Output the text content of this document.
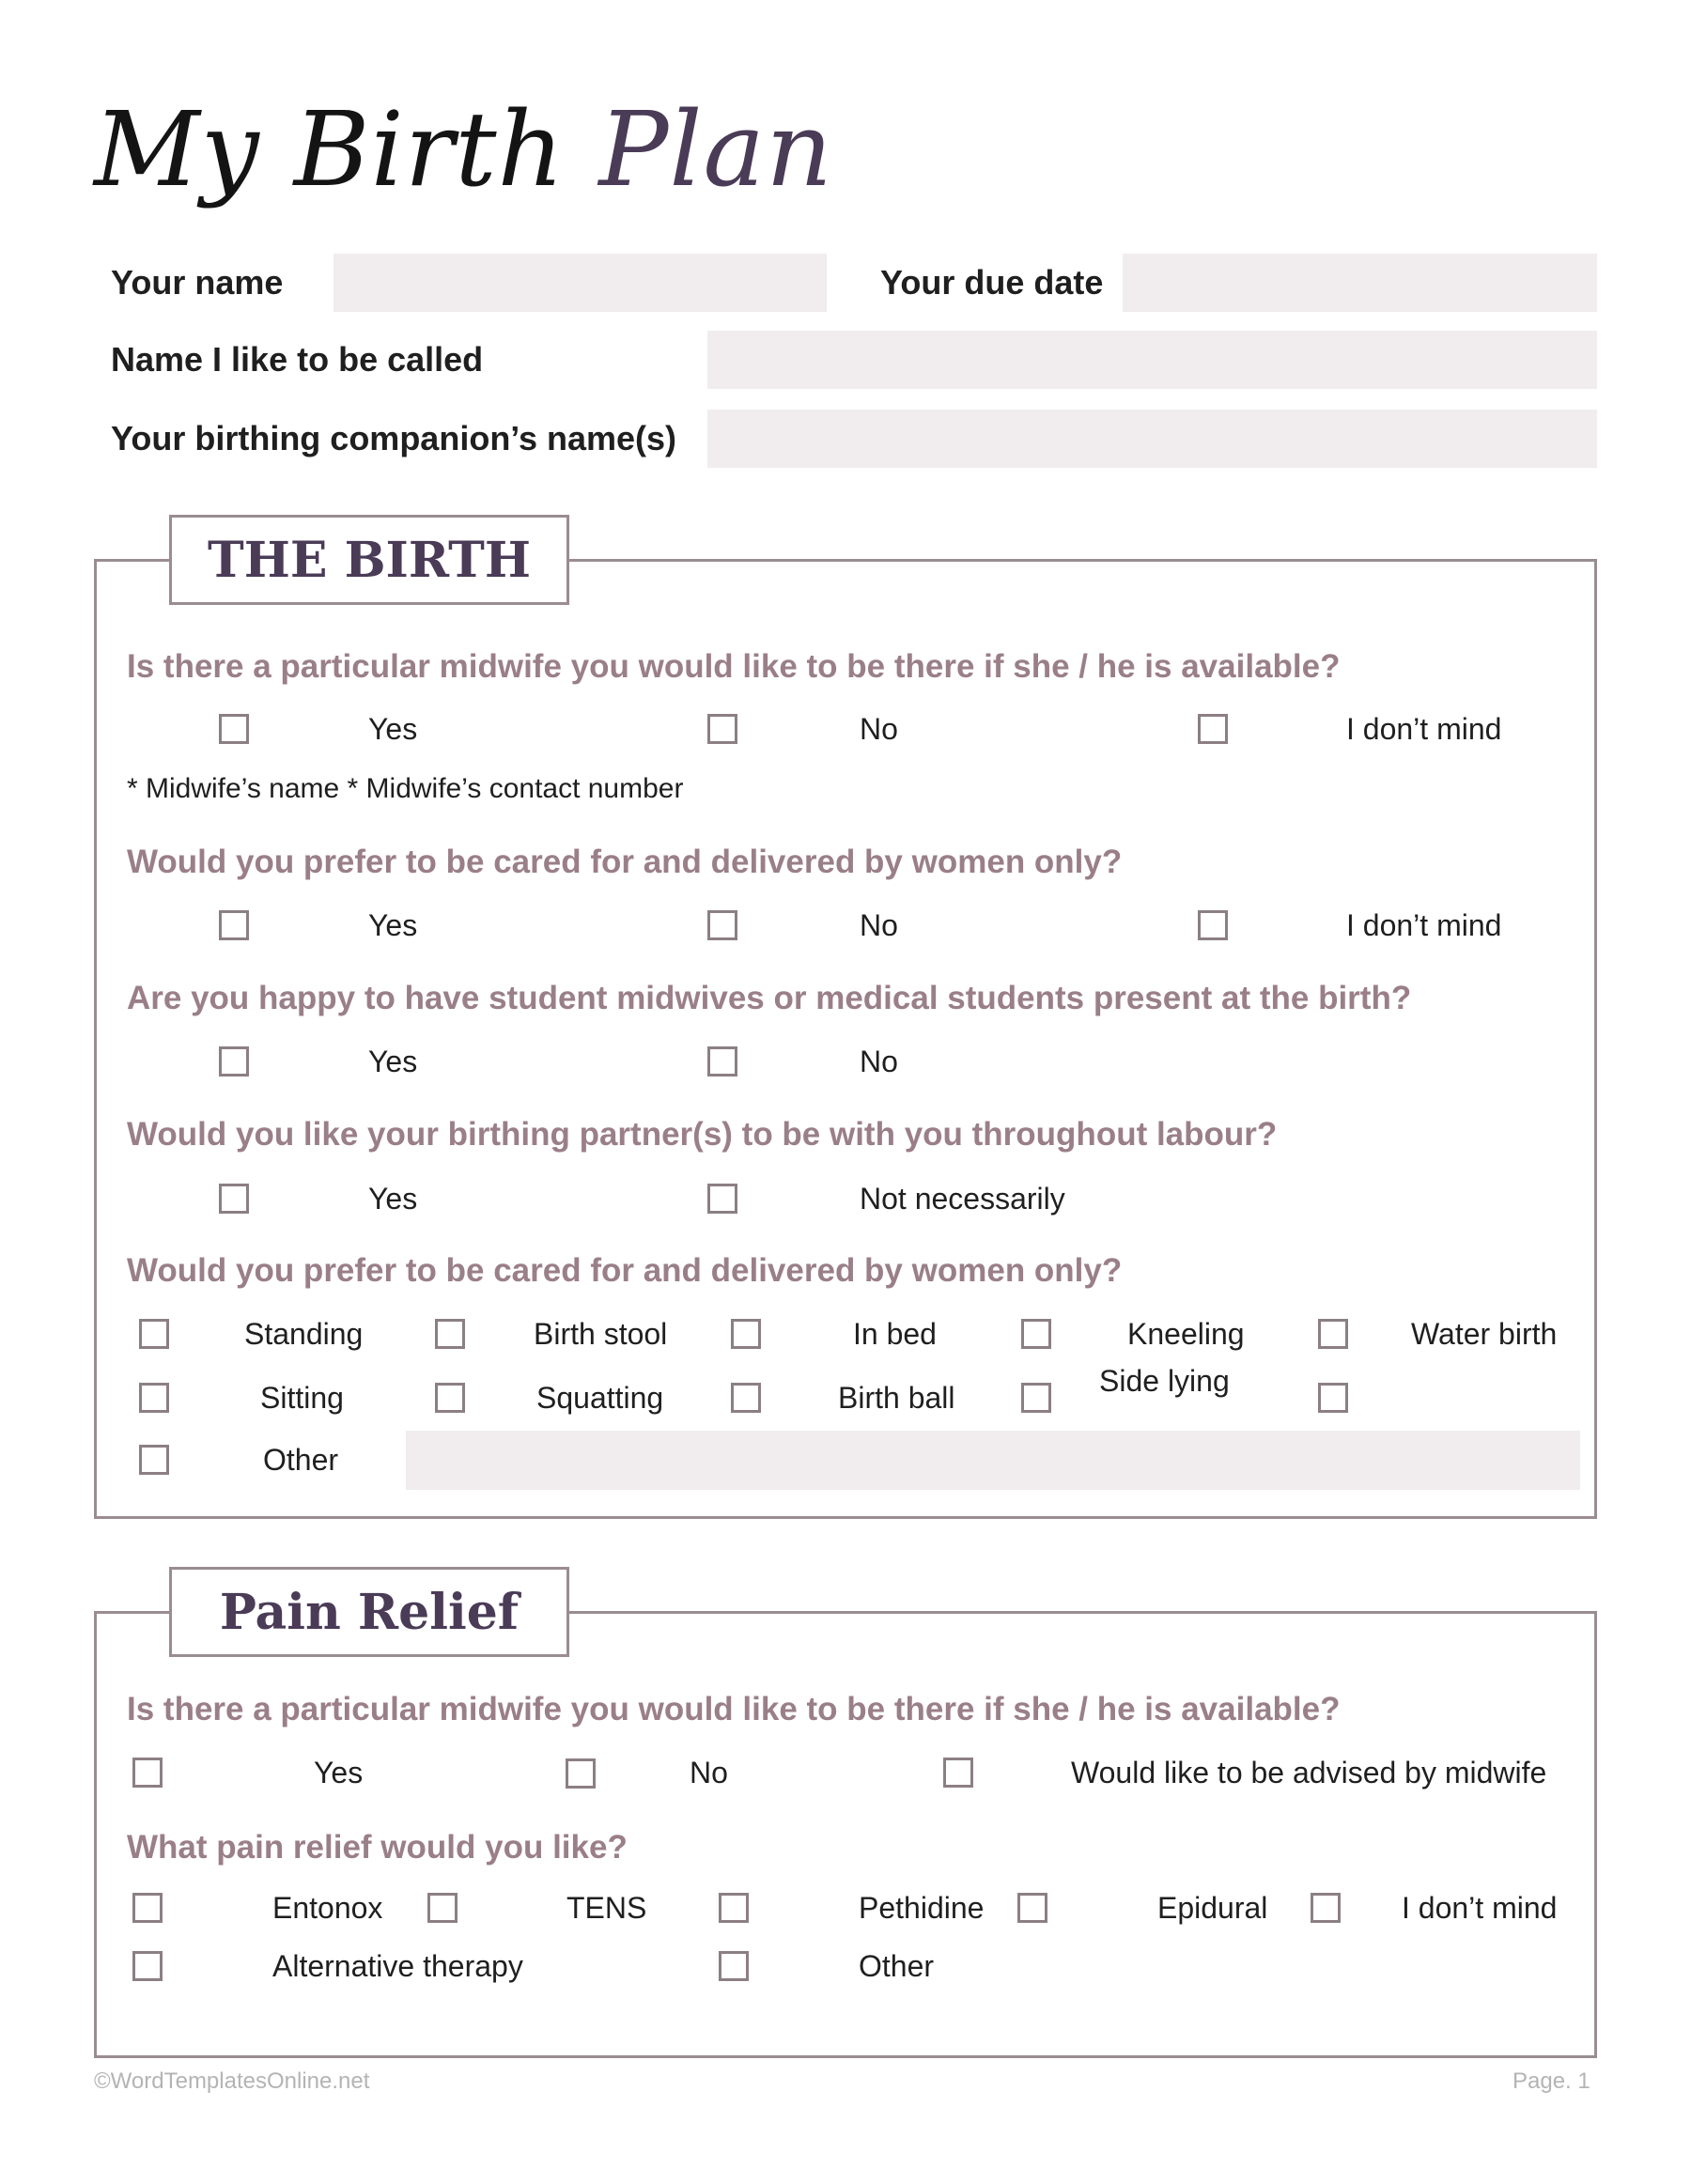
My Birth Plan
Your name	Your due date
Name I like to be called
Your birthing companion’s name(s)
THE BIRTH
Is there a particular midwife you would like to be there if she / he is available?
Yes	No	I don’t mind
* Midwife’s name * Midwife’s contact number
Would you prefer to be cared for and delivered by women only?
Yes	No	I don’t mind
Are you happy to have student midwives or medical students present at the birth?
Yes	No
Would you like your birthing partner(s) to be with you throughout labour?
Yes	Not necessarily
Would you prefer to be cared for and delivered by women only?
Standing	Birth stool	In bed	Kneeling	Water birth
Sitting	Squatting	Birth ball	Side lying
Other
Pain Relief
Is there a particular midwife you would like to be there if she / he is available?
Yes	No	Would like to be advised by midwife
What pain relief would you like?
Entonox	TENS	Pethidine	Epidural	I don’t mind
Alternative therapy	Other
©WordTemplatesOnline.net	Page. 1
